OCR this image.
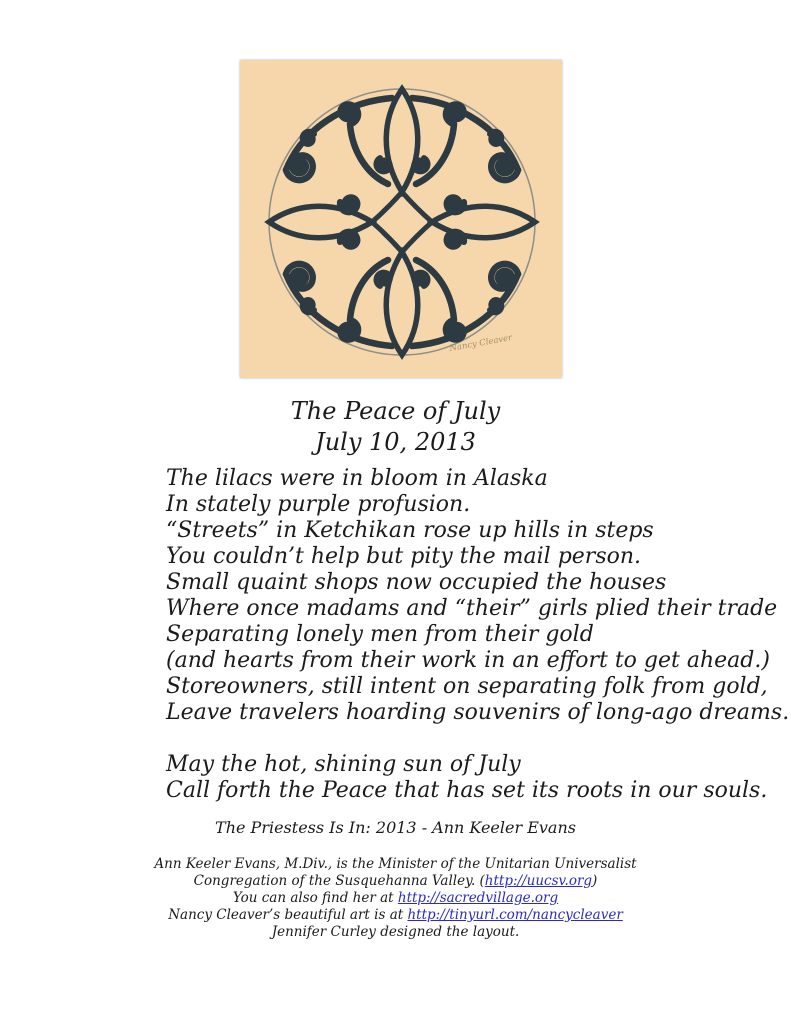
Nancy Cleaver
The Peace of July
July 10, 2013
The lilacs were in bloom in Alaska
In stately purple profusion.
“Streets” in Ketchikan rose up hills in steps
You couldn’t help but pity the mail person.
Small quaint shops now occupied the houses
Where once madams and “their” girls plied their trade
Separating lonely men from their gold
(and hearts from their work in an effort to get ahead.)
Storeowners, still intent on separating folk from gold,
Leave travelers hoarding souvenirs of long-ago dreams.
May the hot, shining sun of July
Call forth the Peace that has set its roots in our souls.
The Priestess Is In: 2013 - Ann Keeler Evans
Ann Keeler Evans, M.Div., is the Minister of the Unitarian Universalist
Congregation of the Susquehanna Valley. (http://uucsv.org)
You can also find her at http://sacredvillage.org
Nancy Cleaver’s beautiful art is at http://tinyurl.com/nancycleaver
Jennifer Curley designed the layout.
